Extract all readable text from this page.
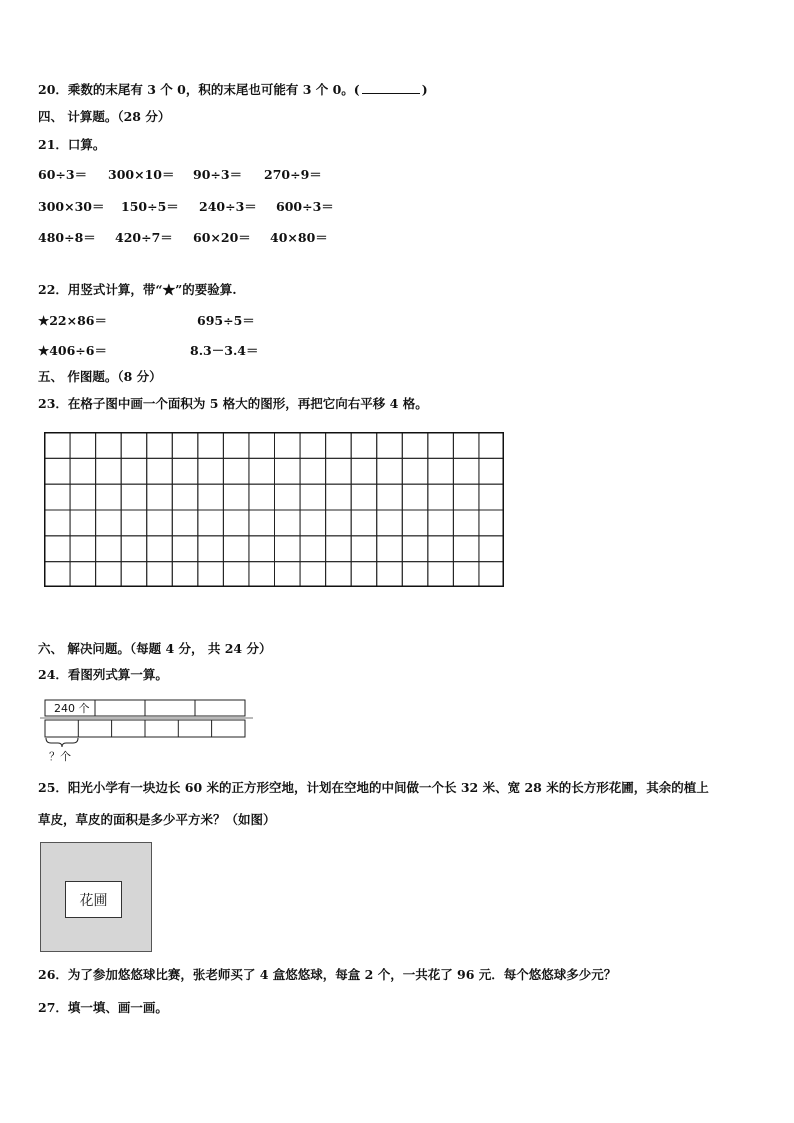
20．乘数的末尾有 3 个 0，积的末尾也可能有 3 个 0。(	)
四、 计算题。（28 分）
21．口算。
60÷3＝ 300×10＝ 90÷3＝ 270÷9＝
300×30＝ 150÷5＝ 240÷3＝ 600÷3＝
480÷8＝ 420÷7＝ 60×20＝ 40×80＝
22．用竖式计算，带“★”的要验算.
★22×86＝	695÷5＝
★406÷6＝	8.3－3.4＝
五、 作图题。（8 分）
23．在格子图中画一个面积为 5 格大的图形，再把它向右平移 4 格。
六、 解决问题。（每题 4 分， 共 24 分）
24．看图列式算一算。
240 个
？个
25．阳光小学有一块边长 60 米的正方形空地，计划在空地的中间做一个长 32 米、宽 28 米的长方形花圃，其余的植上
草皮，草皮的面积是多少平方米？（如图）
花圃
26．为了参加悠悠球比赛，张老师买了 4 盒悠悠球，每盒 2 个，一共花了 96 元．每个悠悠球多少元？
27．填一填、画一画。
